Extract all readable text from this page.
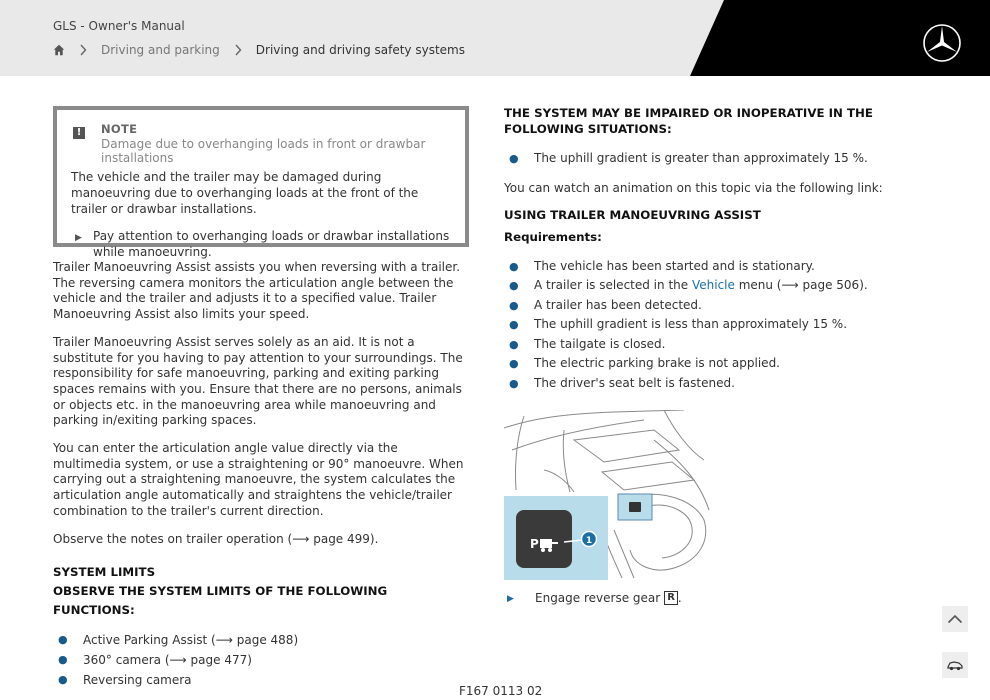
GLS - Owner's Manual
Driving and parking	Driving and driving safety systems
!	NOTE
Damage due to overhanging loads in front or drawbar installations
The vehicle and the trailer may be damaged during manoeuvring due to overhanging loads at the front of the trailer or drawbar installations.
▶ Pay attention to overhanging loads or drawbar installations while manoeuvring.

Trailer Manoeuvring Assist assists you when reversing with a trailer. The reversing camera monitors the articulation angle between the vehicle and the trailer and adjusts it to a specified value. Trailer Manoeuvring Assist also limits your speed.

Trailer Manoeuvring Assist serves solely as an aid. It is not a substitute for you having to pay attention to your surroundings. The responsibility for safe manoeuvring, parking and exiting parking spaces remains with you. Ensure that there are no persons, animals or objects etc. in the manoeuvring area while manoeuvring and parking in/exiting parking spaces.

You can enter the articulation angle value directly via the multimedia system, or use a straightening or 90° manoeuvre. When carrying out a straightening manoeuvre, the system calculates the articulation angle automatically and straightens the vehicle/trailer combination to the trailer's current direction.

Observe the notes on trailer operation (⟶ page 499).

SYSTEM LIMITS
OBSERVE THE SYSTEM LIMITS OF THE FOLLOWING FUNCTIONS:
●	Active Parking Assist (⟶ page 488)
●	360° camera (⟶ page 477)
●	Reversing camera
THE SYSTEM MAY BE IMPAIRED OR INOPERATIVE IN THE FOLLOWING SITUATIONS:
●	The uphill gradient is greater than approximately 15 %.

You can watch an animation on this topic via the following link:

USING TRAILER MANOEUVRING ASSIST
Requirements:
●	The vehicle has been started and is stationary.
●	A trailer is selected in the Vehicle menu (⟶ page 506).
●	A trailer has been detected.
●	The uphill gradient is less than approximately 15 %.
●	The tailgate is closed.
●	The electric parking brake is not applied.
●	The driver's seat belt is fastened.
P	1
▶	Engage reverse gear R .
F167 0113 02
